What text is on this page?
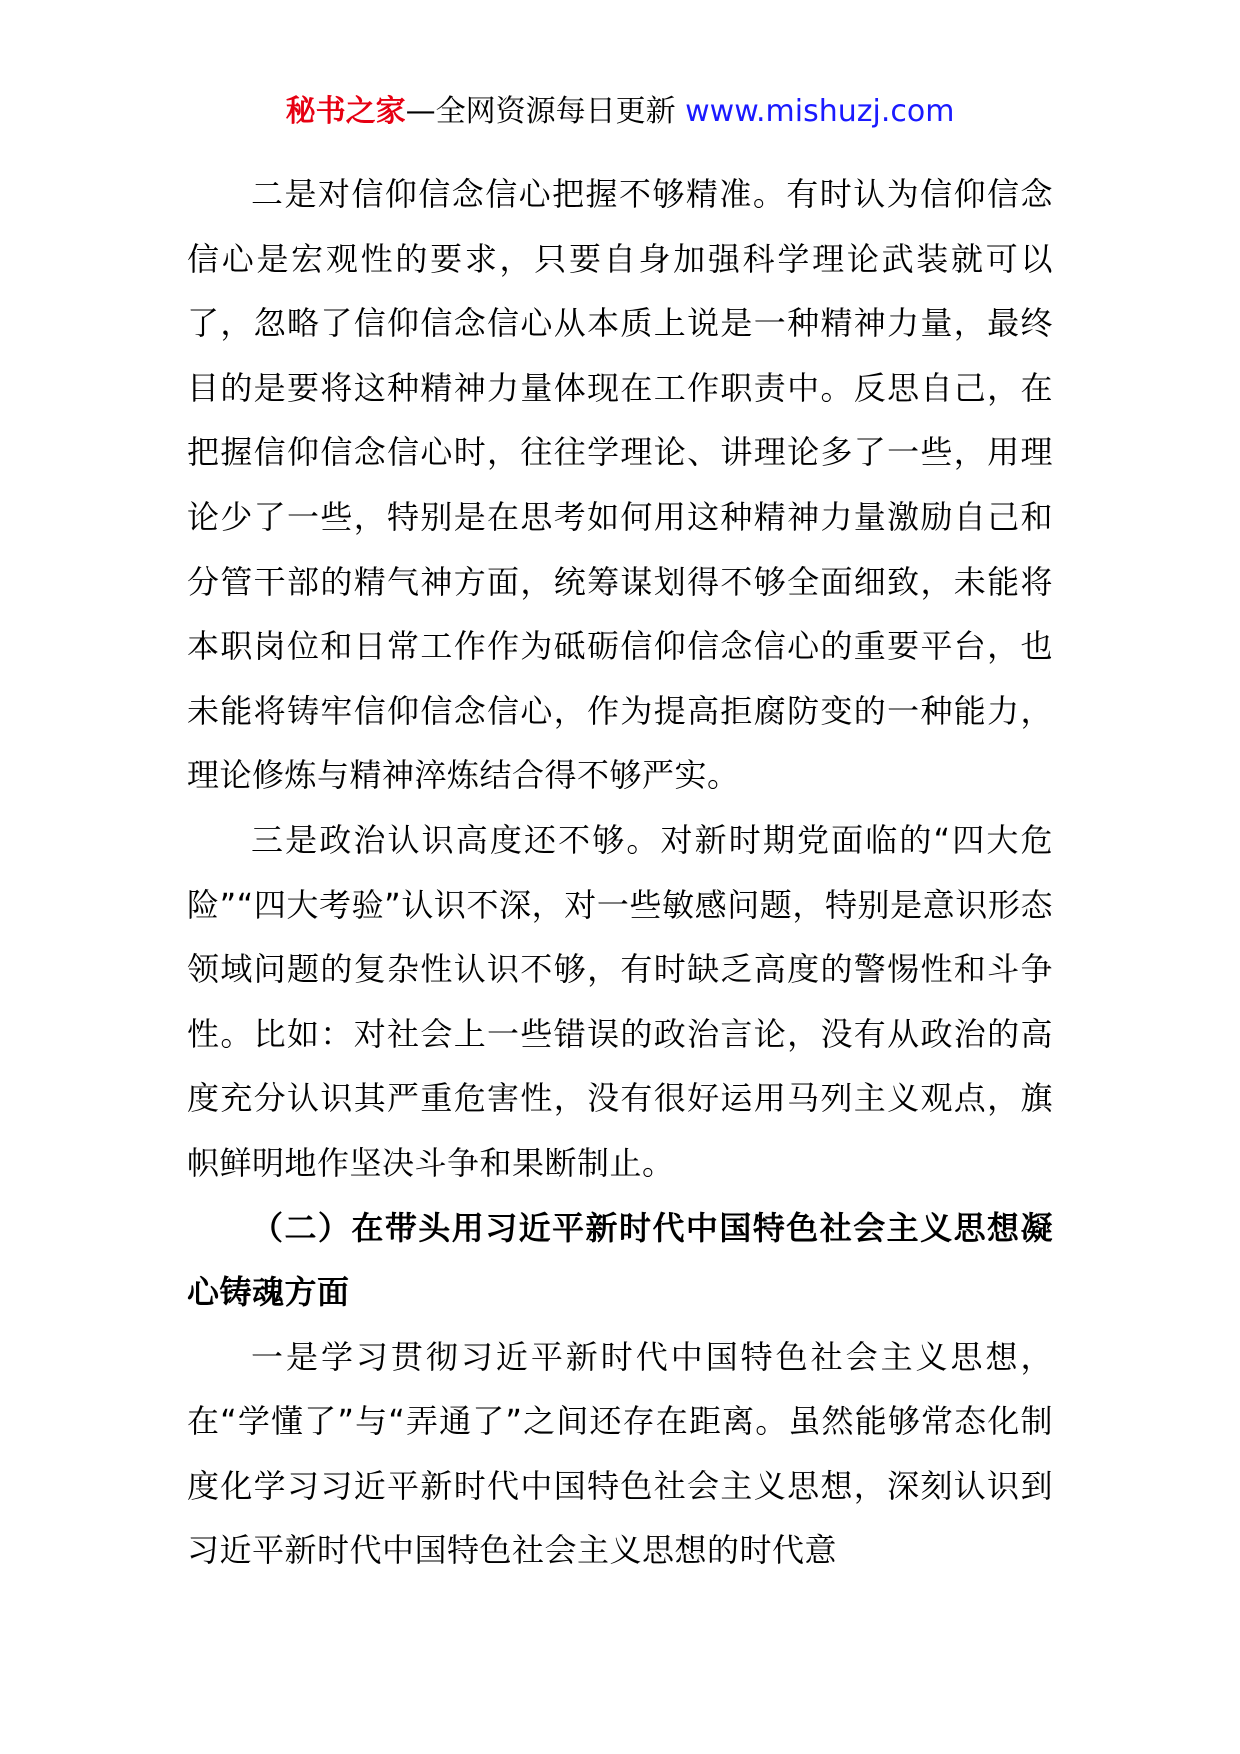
秘书之家—全网资源每日更新 www.mishuzj.com

二是对信仰信念信心把握不够精准。有时认为信仰信念信心是宏观性的要求，只要自身加强科学理论武装就可以了，忽略了信仰信念信心从本质上说是一种精神力量，最终目的是要将这种精神力量体现在工作职责中。反思自己，在把握信仰信念信心时，往往学理论、讲理论多了一些，用理论少了一些，特别是在思考如何用这种精神力量激励自己和分管干部的精气神方面，统筹谋划得不够全面细致，未能将本职岗位和日常工作作为砥砺信仰信念信心的重要平台，也未能将铸牢信仰信念信心，作为提高拒腐防变的一种能力，理论修炼与精神淬炼结合得不够严实。

三是政治认识高度还不够。对新时期党面临的“四大危险”“四大考验”认识不深，对一些敏感问题，特别是意识形态领域问题的复杂性认识不够，有时缺乏高度的警惕性和斗争性。比如：对社会上一些错误的政治言论，没有从政治的高度充分认识其严重危害性，没有很好运用马列主义观点，旗帜鲜明地作坚决斗争和果断制止。

（二）在带头用习近平新时代中国特色社会主义思想凝心铸魂方面

一是学习贯彻习近平新时代中国特色社会主义思想，在“学懂了”与“弄通了”之间还存在距离。虽然能够常态化制度化学习习近平新时代中国特色社会主义思想，深刻认识到习近平新时代中国特色社会主义思想的时代意
